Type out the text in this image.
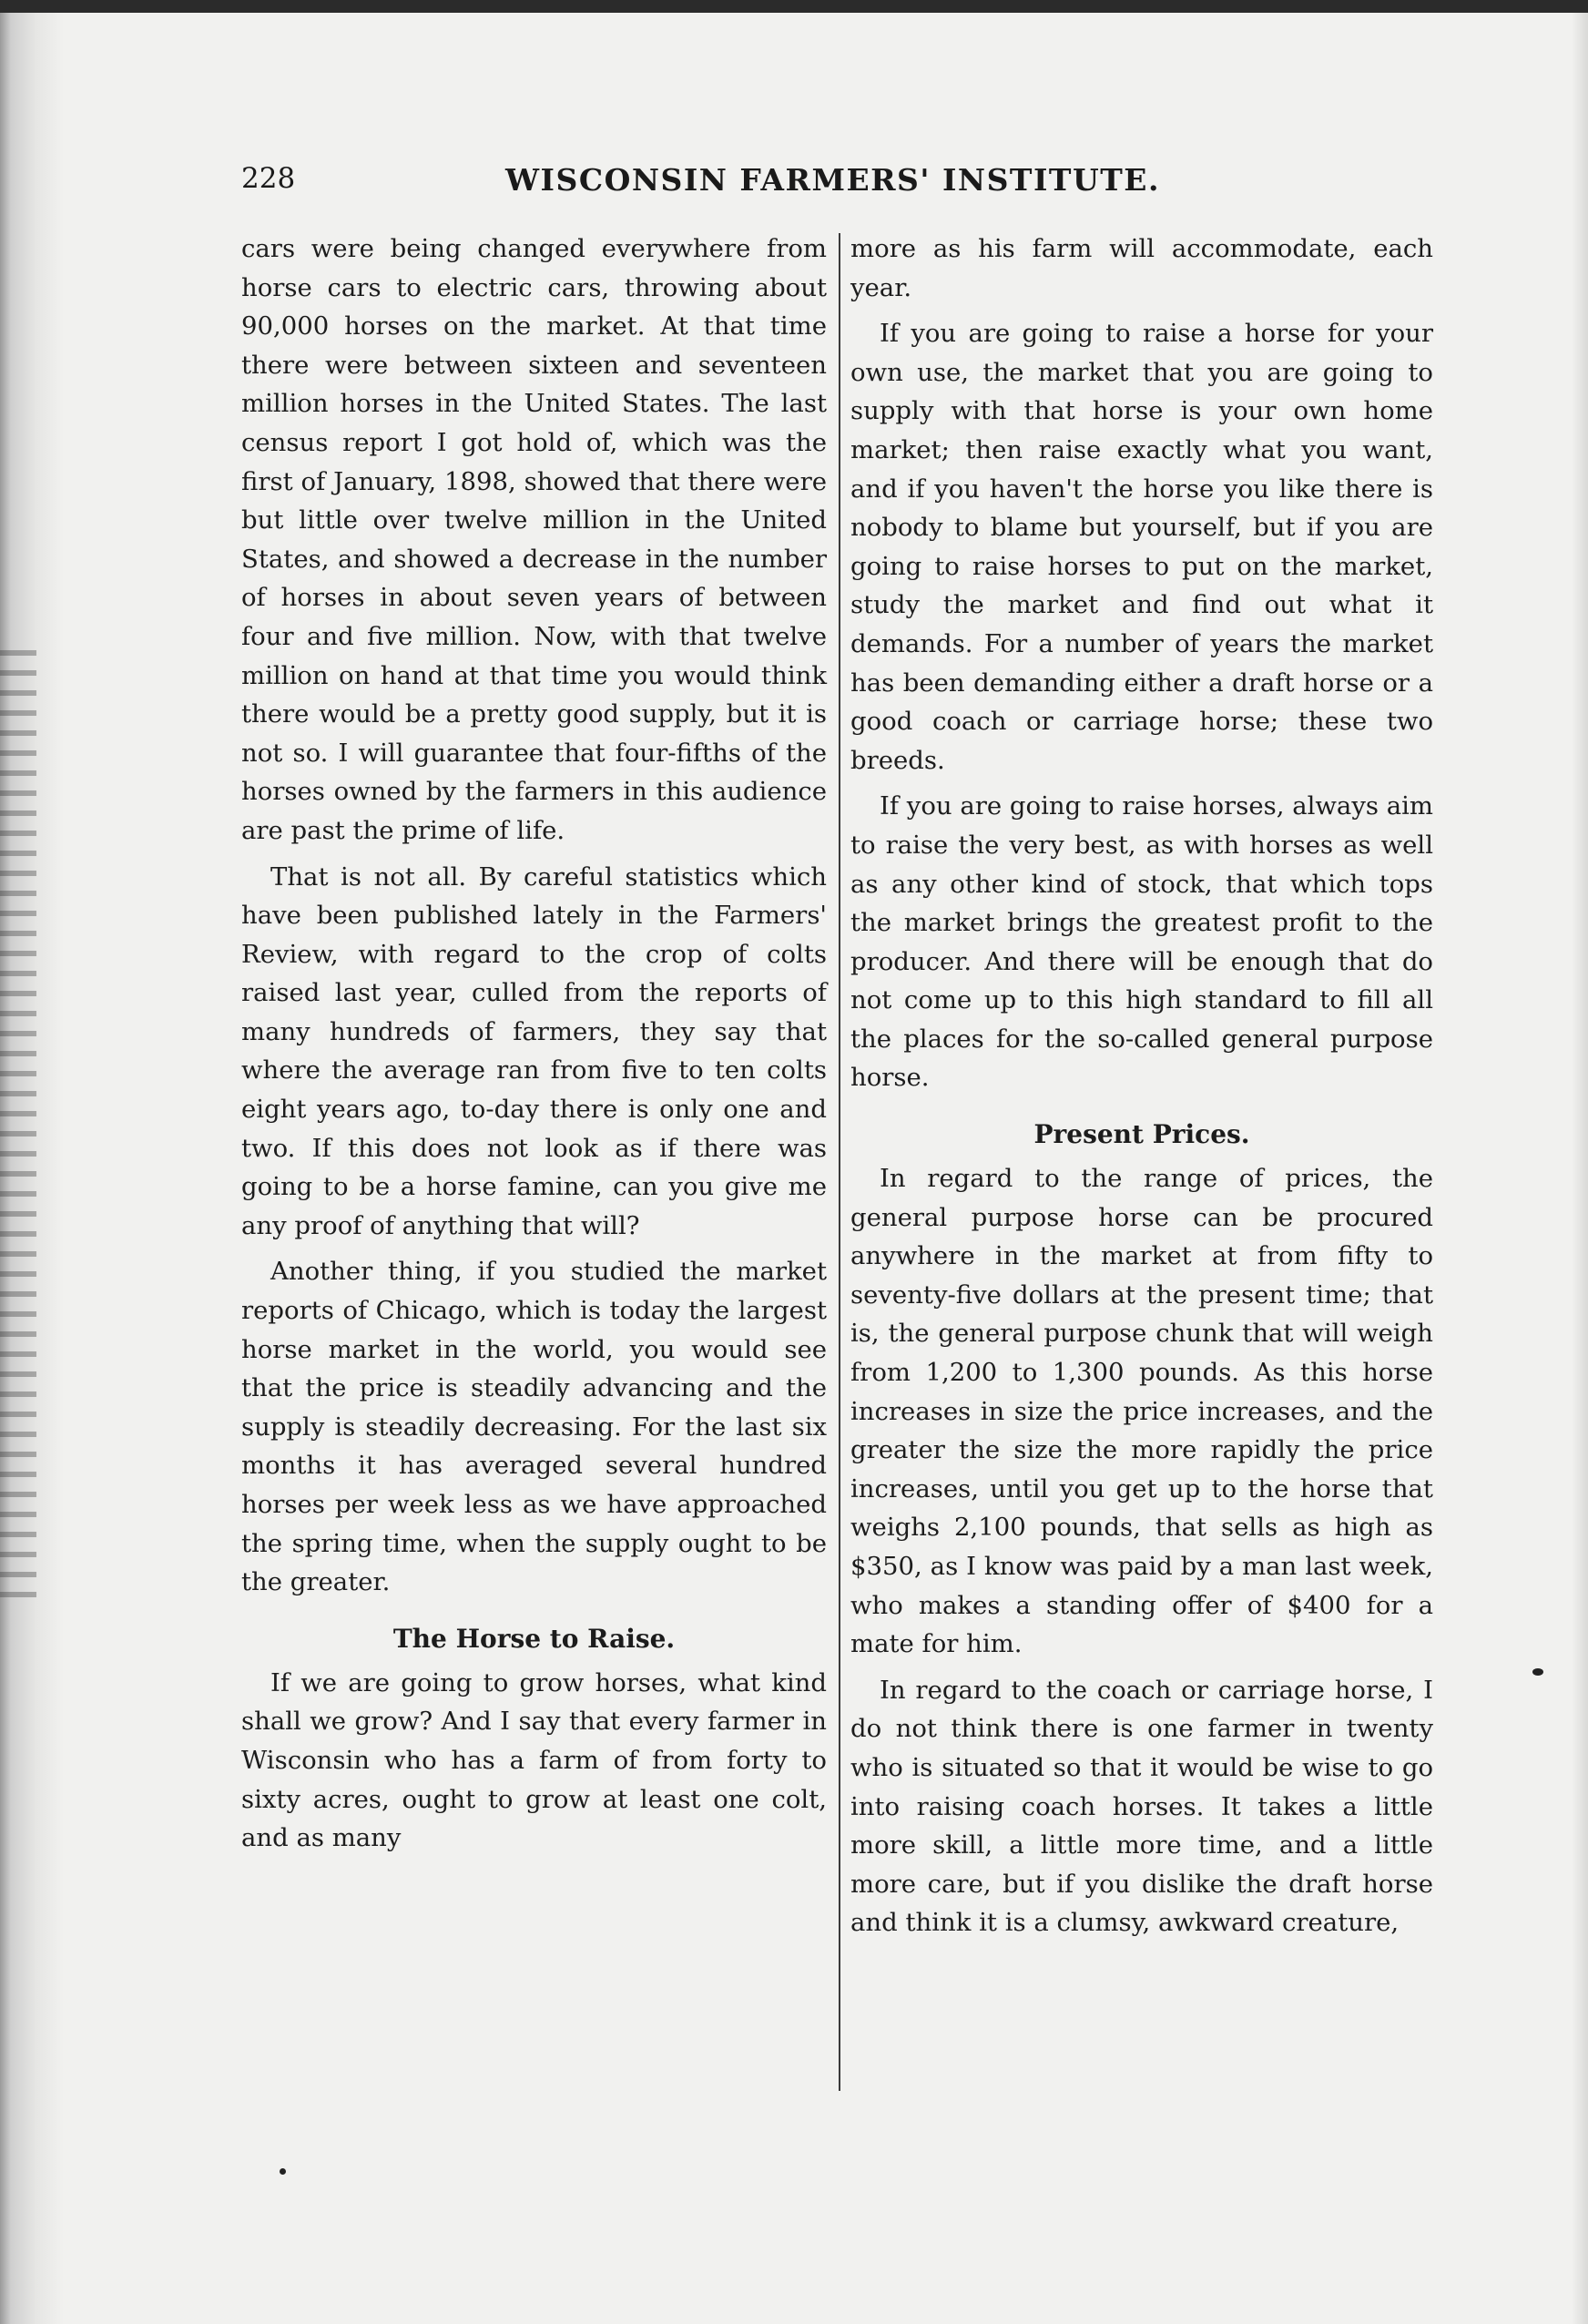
228	WISCONSIN FARMERS' INSTITUTE.

cars were being changed everywhere from horse cars to electric cars, throwing about 90,000 horses on the market. At that time there were between sixteen and seventeen million horses in the United States. The last census report I got hold of, which was the first of January, 1898, showed that there were but little over twelve million in the United States, and showed a decrease in the number of horses in about seven years of between four and five million. Now, with that twelve million on hand at that time you would think there would be a pretty good supply, but it is not so. I will guarantee that four-fifths of the horses owned by the farmers in this audience are past the prime of life.

That is not all. By careful statistics which have been published lately in the Farmers' Review, with regard to the crop of colts raised last year, culled from the reports of many hundreds of farmers, they say that where the average ran from five to ten colts eight years ago, to-day there is only one and two. If this does not look as if there was going to be a horse famine, can you give me any proof of anything that will?

Another thing, if you studied the market reports of Chicago, which is today the largest horse market in the world, you would see that the price is steadily advancing and the supply is steadily decreasing. For the last six months it has averaged several hundred horses per week less as we have approached the spring time, when the supply ought to be the greater.

The Horse to Raise.

If we are going to grow horses, what kind shall we grow? And I say that every farmer in Wisconsin who has a farm of from forty to sixty acres, ought to grow at least one colt, and as many

more as his farm will accommodate, each year.

If you are going to raise a horse for your own use, the market that you are going to supply with that horse is your own home market; then raise exactly what you want, and if you haven't the horse you like there is nobody to blame but yourself, but if you are going to raise horses to put on the market, study the market and find out what it demands. For a number of years the market has been demanding either a draft horse or a good coach or carriage horse; these two breeds.

If you are going to raise horses, always aim to raise the very best, as with horses as well as any other kind of stock, that which tops the market brings the greatest profit to the producer. And there will be enough that do not come up to this high standard to fill all the places for the so-called general purpose horse.

Present Prices.

In regard to the range of prices, the general purpose horse can be procured anywhere in the market at from fifty to seventy-five dollars at the present time; that is, the general purpose chunk that will weigh from 1,200 to 1,300 pounds. As this horse increases in size the price increases, and the greater the size the more rapidly the price increases, until you get up to the horse that weighs 2,100 pounds, that sells as high as $350, as I know was paid by a man last week, who makes a standing offer of $400 for a mate for him.

In regard to the coach or carriage horse, I do not think there is one farmer in twenty who is situated so that it would be wise to go into raising coach horses. It takes a little more skill, a little more time, and a little more care, but if you dislike the draft horse and think it is a clumsy, awkward creature,
